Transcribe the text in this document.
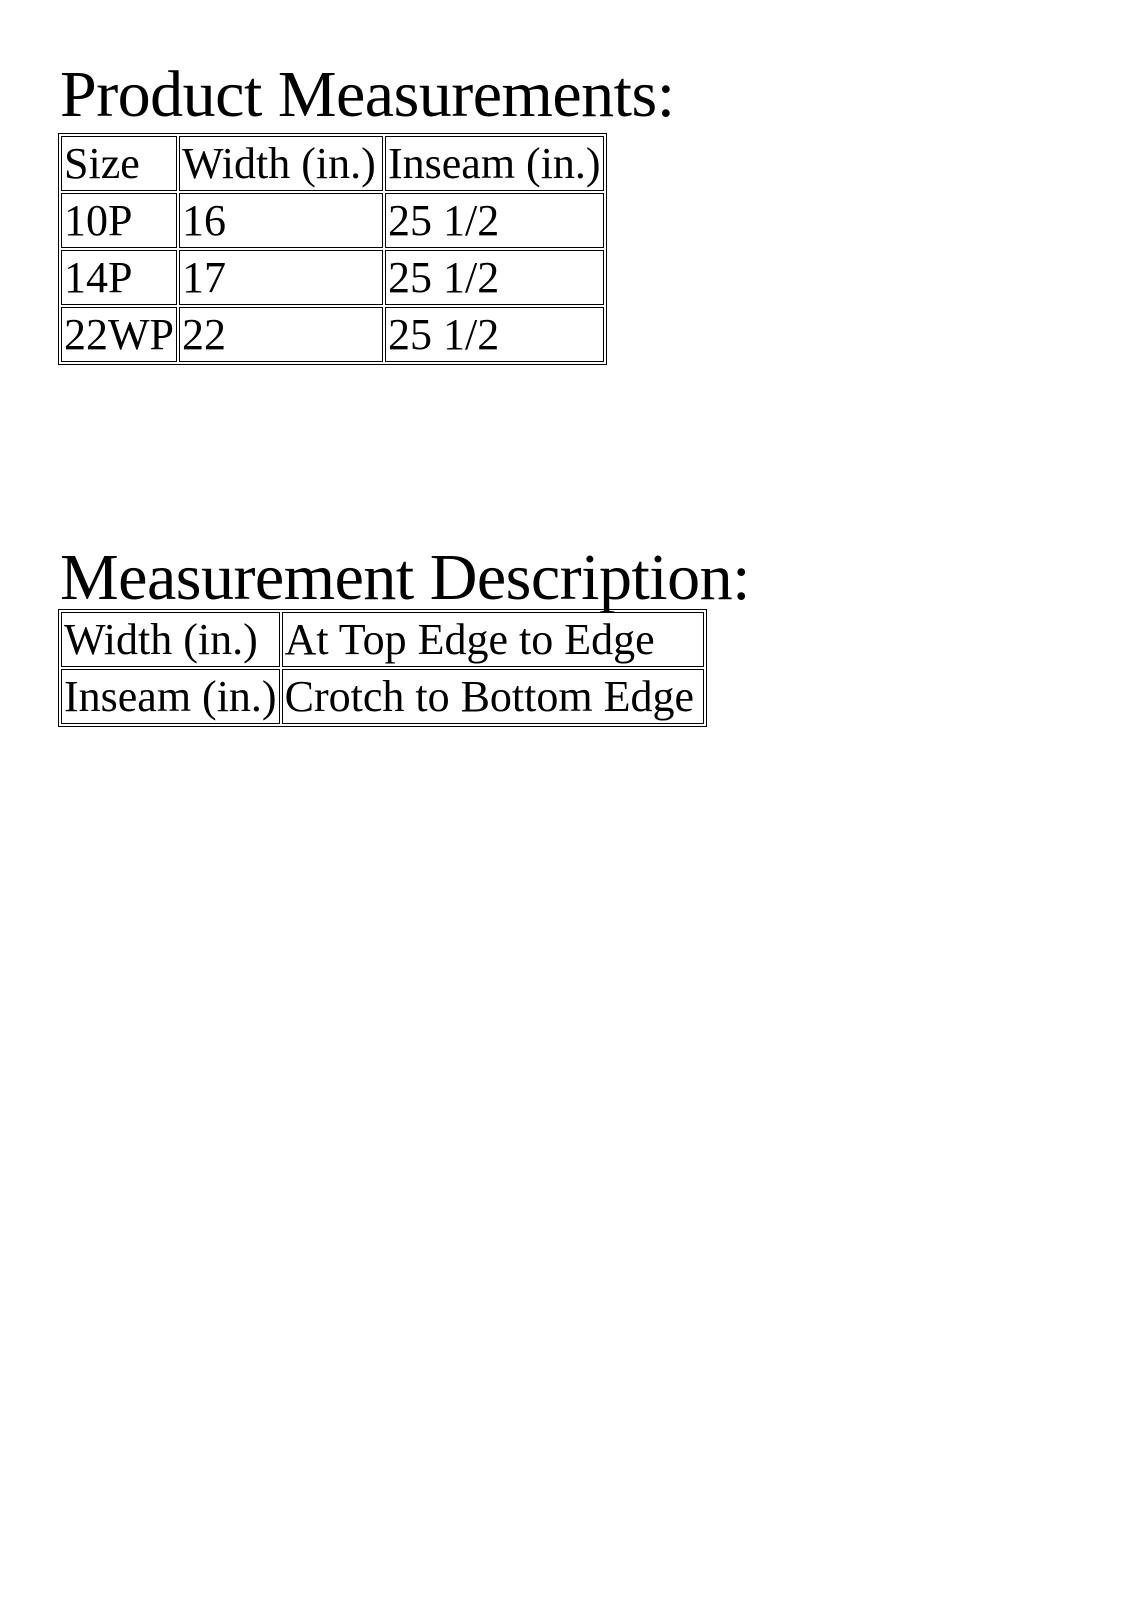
Product Measurements:
Size	Width (in.)	Inseam (in.)
10P	16	25 1/2
14P	17	25 1/2
22WP	22	25 1/2
Measurement Description:
Width (in.)	At Top Edge to Edge
Inseam (in.)	Crotch to Bottom Edge
